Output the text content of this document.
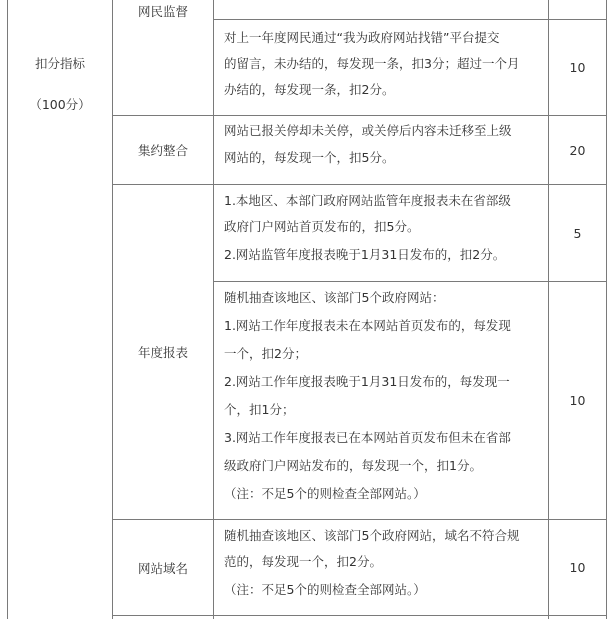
扣分指标
（100分）
网民监督
集约整合
年度报表
网站域名
对上一年度网民通过“我为政府网站找错”平台提交
的留言，未办结的，每发现一条，扣3分；超过一个月
办结的，每发现一条，扣2分。
网站已报关停却未关停，或关停后内容未迁移至上级
网站的，每发现一个，扣5分。
1.本地区、本部门政府网站监管年度报表未在省部级
政府门户网站首页发布的，扣5分。
2.网站监管年度报表晚于1月31日发布的，扣2分。
随机抽查该地区、该部门5个政府网站：
1.网站工作年度报表未在本网站首页发布的，每发现
一个，扣2分；
2.网站工作年度报表晚于1月31日发布的，每发现一
个，扣1分；
3.网站工作年度报表已在本网站首页发布但未在省部
级政府门户网站发布的，每发现一个，扣1分。
（注：不足5个的则检查全部网站。）
随机抽查该地区、该部门5个政府网站，域名不符合规
范的，每发现一个，扣2分。
（注：不足5个的则检查全部网站。）
10
20
5
10
10
